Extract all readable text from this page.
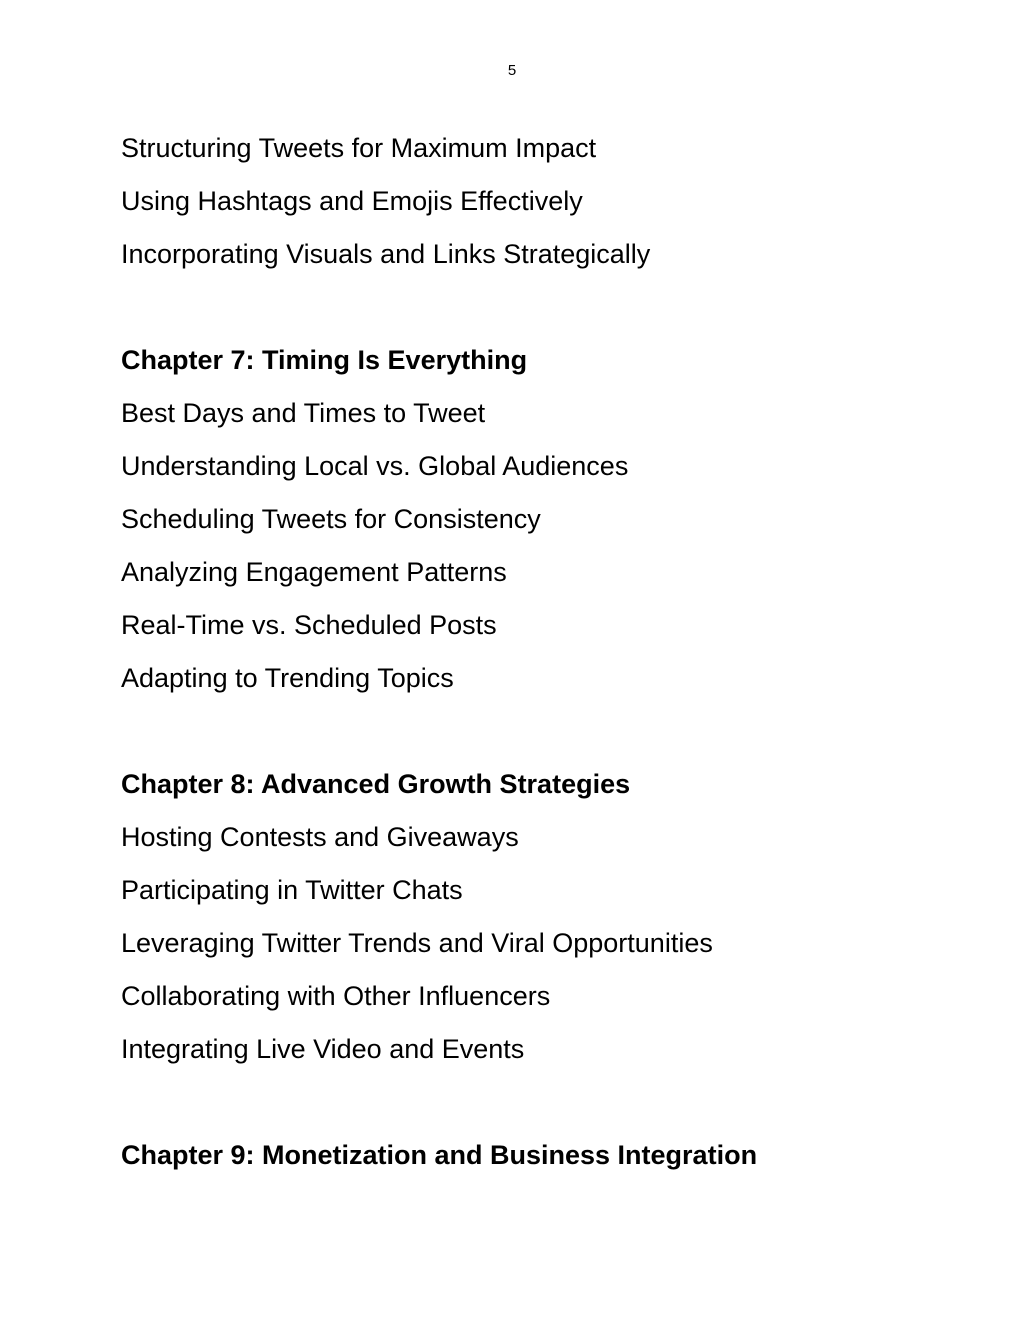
5
Structuring Tweets for Maximum Impact
Using Hashtags and Emojis Effectively
Incorporating Visuals and Links Strategically
Chapter 7: Timing Is Everything
Best Days and Times to Tweet
Understanding Local vs. Global Audiences
Scheduling Tweets for Consistency
Analyzing Engagement Patterns
Real-Time vs. Scheduled Posts
Adapting to Trending Topics
Chapter 8: Advanced Growth Strategies
Hosting Contests and Giveaways
Participating in Twitter Chats
Leveraging Twitter Trends and Viral Opportunities
Collaborating with Other Influencers
Integrating Live Video and Events
Chapter 9: Monetization and Business Integration
